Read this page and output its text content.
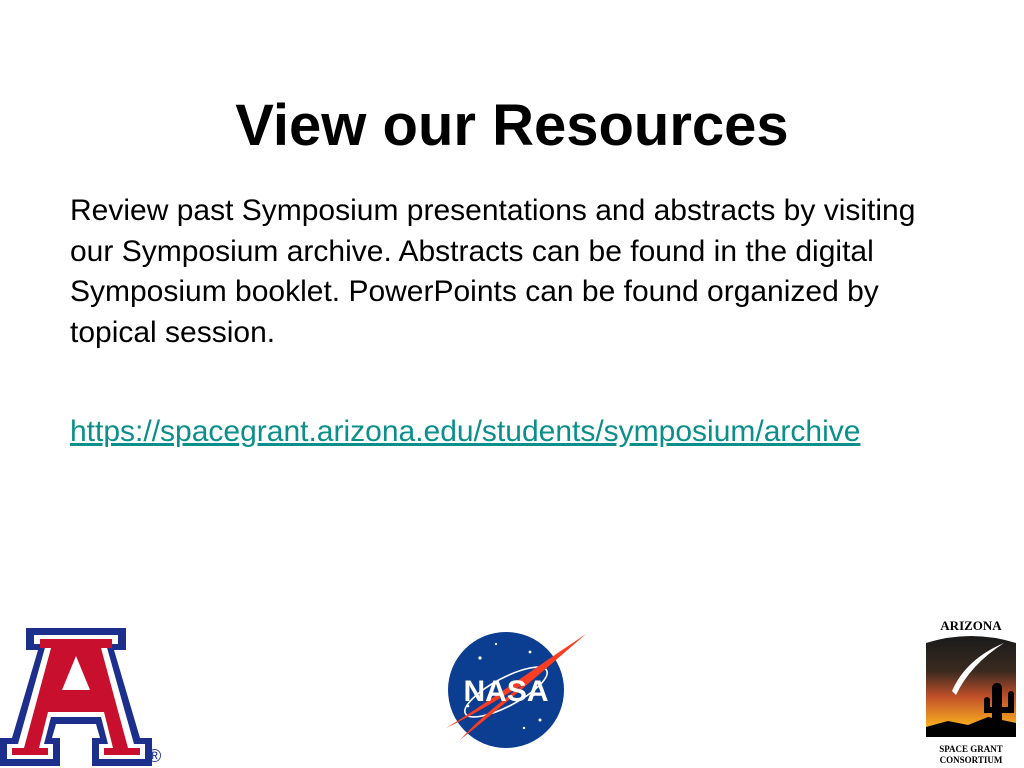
View our Resources

Review past Symposium presentations and abstracts by visiting our Symposium archive. Abstracts can be found in the digital Symposium booklet. PowerPoints can be found organized by topical session.

https://spacegrant.arizona.edu/students/symposium/archive
®
NASA
ARIZONA
SPACE GRANT
CONSORTIUM
